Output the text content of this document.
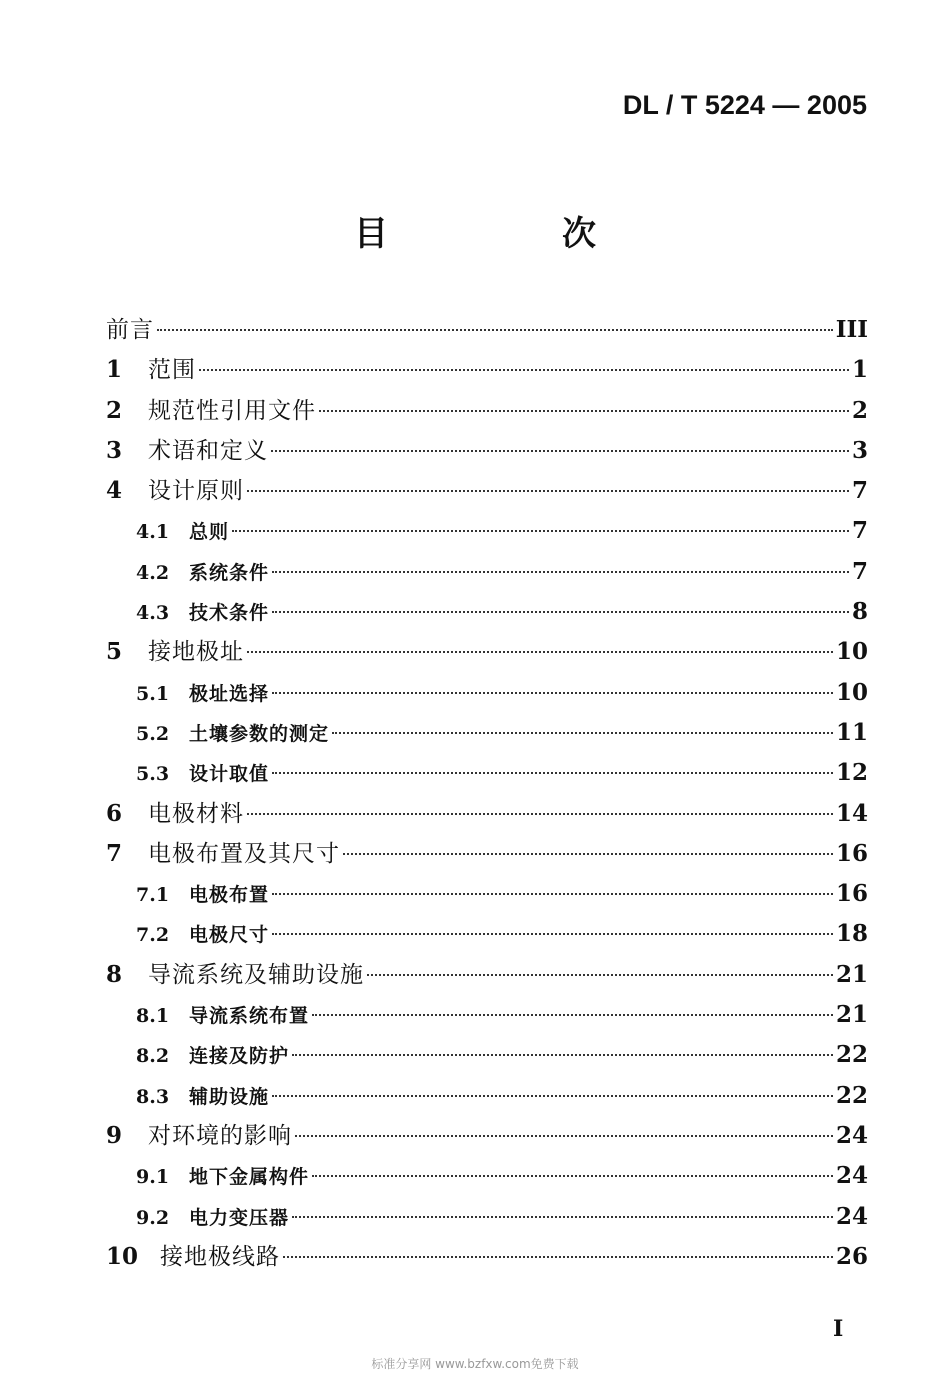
DL / T 5224 — 2005
目　次
前言	III
1	范围	1
2	规范性引用文件	2
3	术语和定义	3
4	设计原则	7
4.1	总则	7
4.2	系统条件	7
4.3	技术条件	8
5	接地极址	10
5.1	极址选择	10
5.2	土壤参数的测定	11
5.3	设计取值	12
6	电极材料	14
7	电极布置及其尺寸	16
7.1	电极布置	16
7.2	电极尺寸	18
8	导流系统及辅助设施	21
8.1	导流系统布置	21
8.2	连接及防护	22
8.3	辅助设施	22
9	对环境的影响	24
9.1	地下金属构件	24
9.2	电力变压器	24
10 接地极线路	26
I
标准分享网 www.bzfxw.com免费下载
